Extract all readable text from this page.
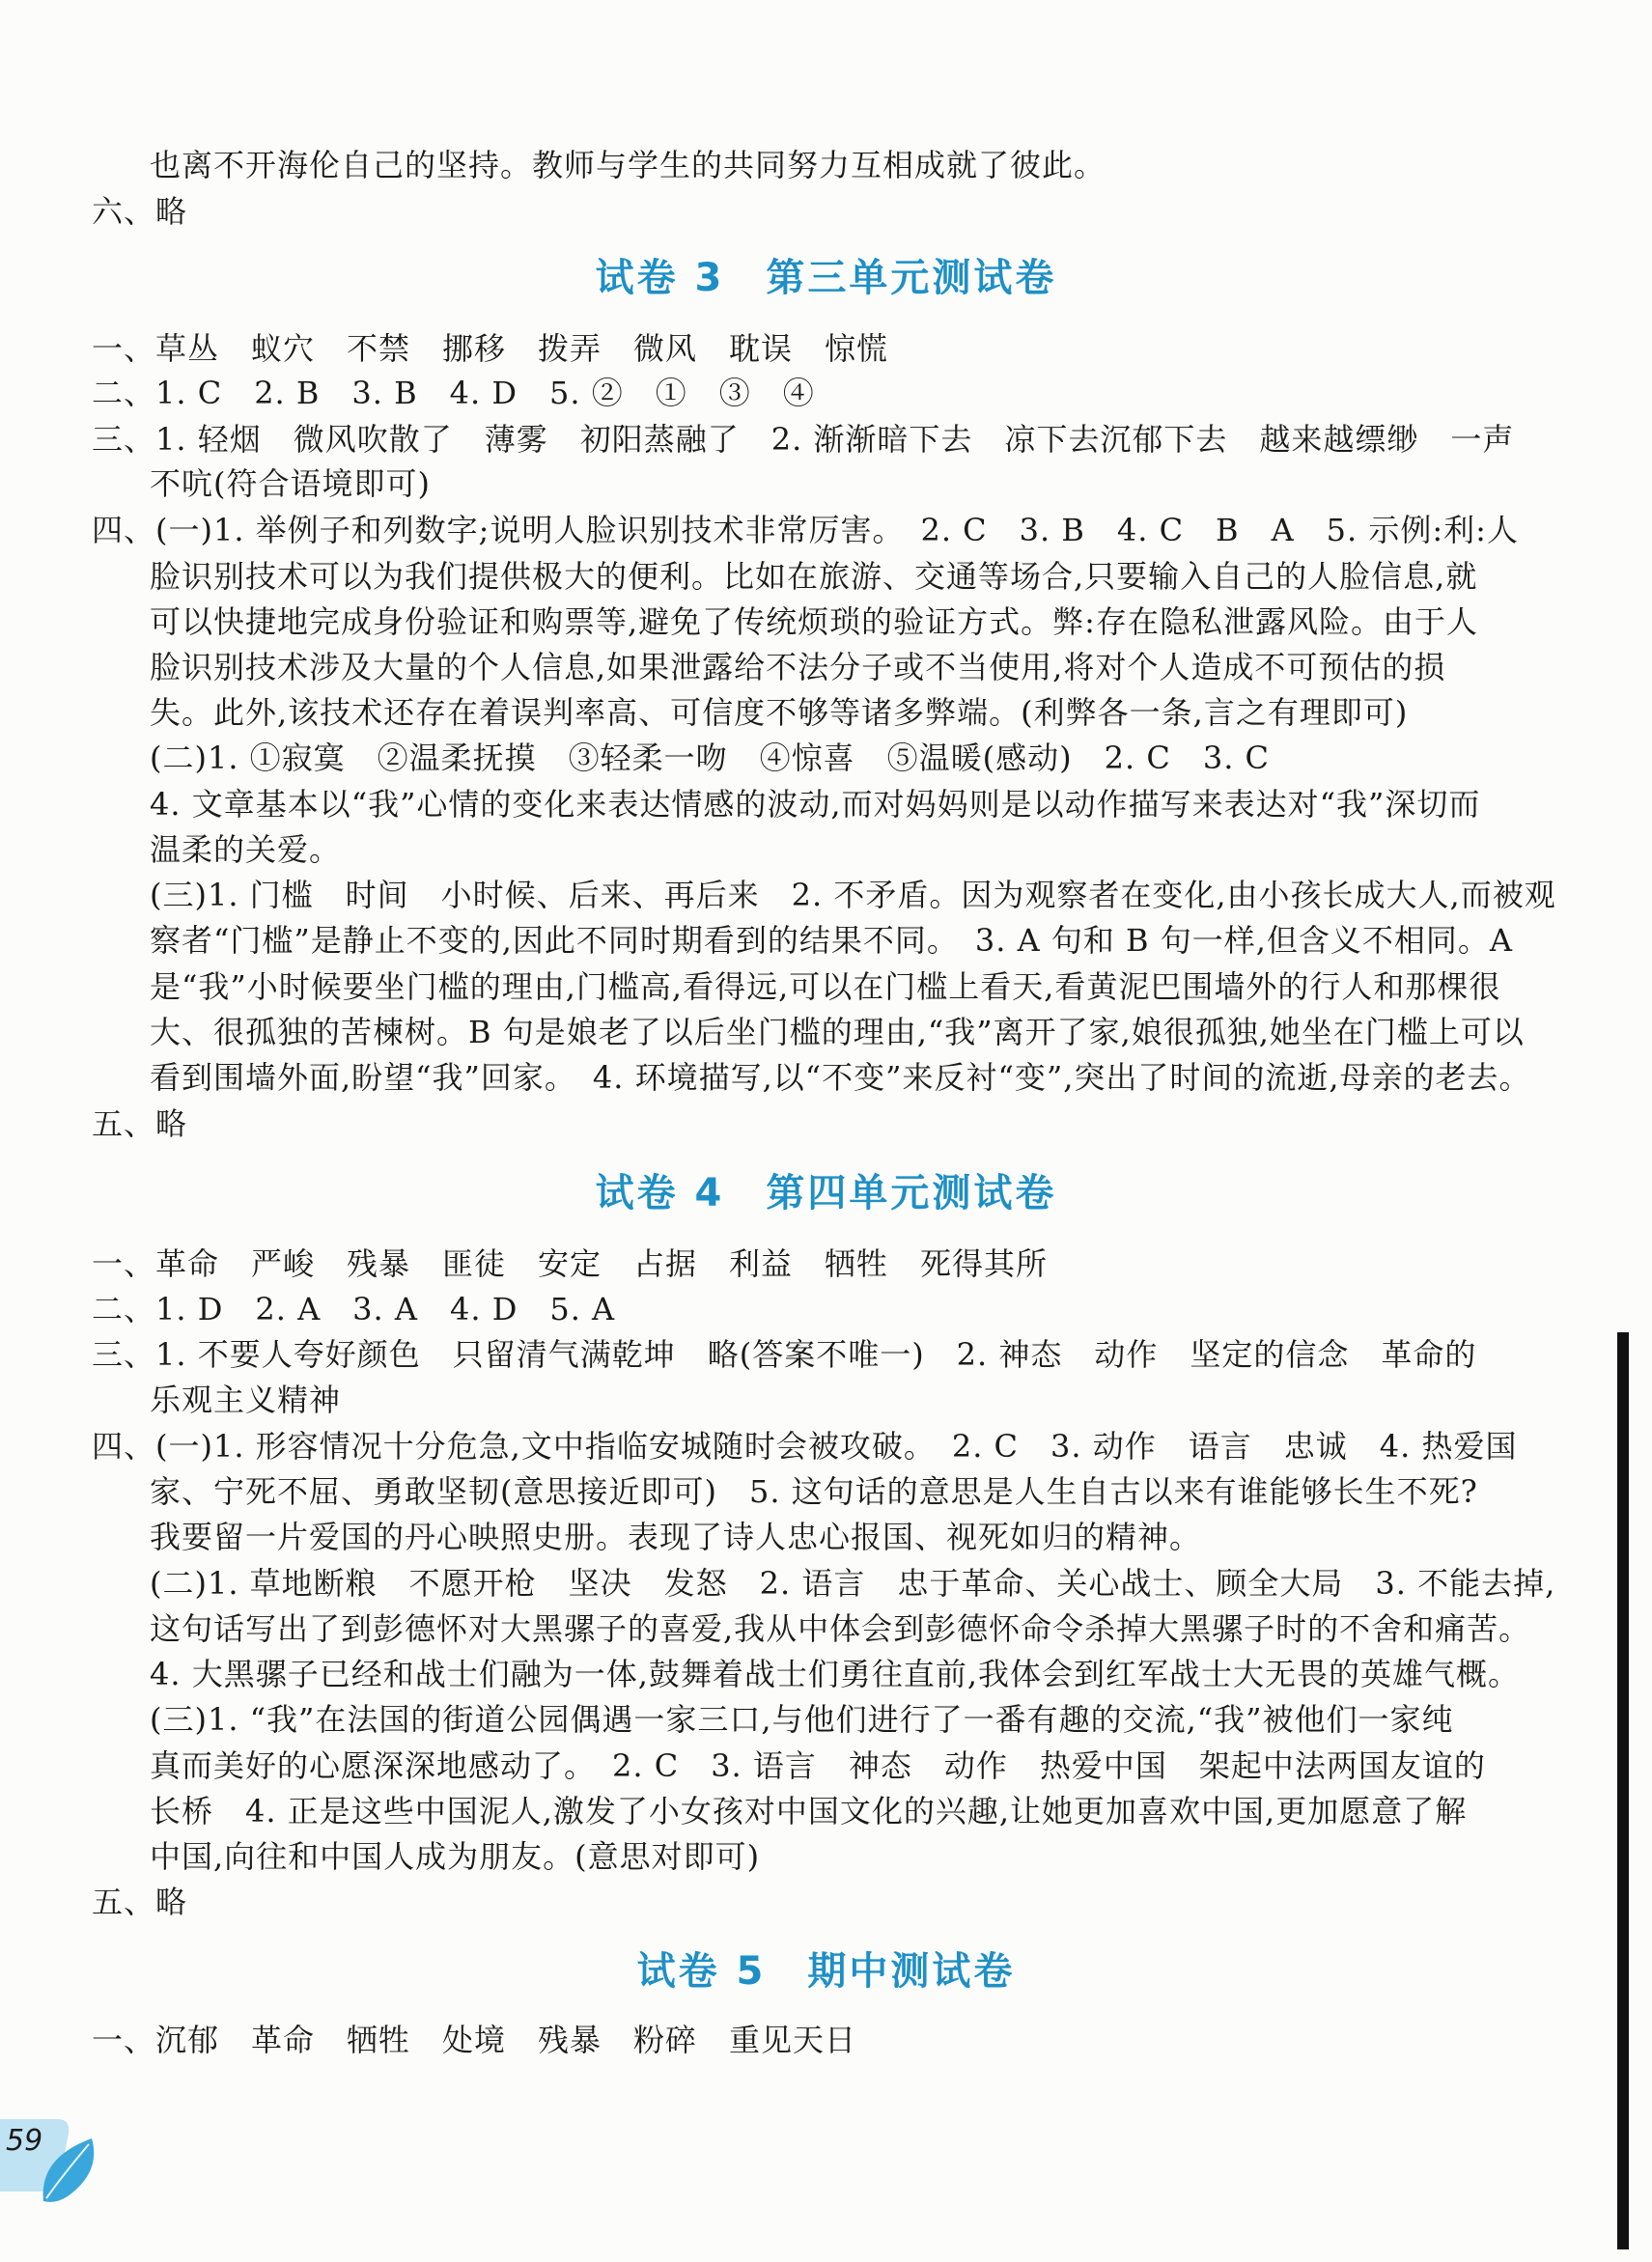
也离不开海伦自己的坚持。教师与学生的共同努力互相成就了彼此。
六、略
试卷 3　第三单元测试卷
一、草丛　蚁穴　不禁　挪移　拨弄　微风　耽误　惊慌
二、1. C　2. B　3. B　4. D　5. ②　①　③　④
三、1. 轻烟　微风吹散了　薄雾　初阳蒸融了　2. 渐渐暗下去　凉下去沉郁下去　越来越缥缈　一声
不吭(符合语境即可)
四、(一)1. 举例子和列数字;说明人脸识别技术非常厉害。　2. C　3. B　4. C　B　A　5. 示例:利:人
脸识别技术可以为我们提供极大的便利。比如在旅游、交通等场合,只要输入自己的人脸信息,就
可以快捷地完成身份验证和购票等,避免了传统烦琐的验证方式。弊:存在隐私泄露风险。由于人
脸识别技术涉及大量的个人信息,如果泄露给不法分子或不当使用,将对个人造成不可预估的损
失。此外,该技术还存在着误判率高、可信度不够等诸多弊端。(利弊各一条,言之有理即可)
(二)1. ①寂寞　②温柔抚摸　③轻柔一吻　④惊喜　⑤温暖(感动)　2. C　3. C
4. 文章基本以“我”心情的变化来表达情感的波动,而对妈妈则是以动作描写来表达对“我”深切而
温柔的关爱。
(三)1. 门槛　时间　小时候、后来、再后来　2. 不矛盾。因为观察者在变化,由小孩长成大人,而被观
察者“门槛”是静止不变的,因此不同时期看到的结果不同。　3. A 句和 B 句一样,但含义不相同。A
是“我”小时候要坐门槛的理由,门槛高,看得远,可以在门槛上看天,看黄泥巴围墙外的行人和那棵很
大、很孤独的苦楝树。B 句是娘老了以后坐门槛的理由,“我”离开了家,娘很孤独,她坐在门槛上可以
看到围墙外面,盼望“我”回家。　4. 环境描写,以“不变”来反衬“变”,突出了时间的流逝,母亲的老去。
五、略
试卷 4　第四单元测试卷
一、革命　严峻　残暴　匪徒　安定　占据　利益　牺牲　死得其所
二、1. D　2. A　3. A　4. D　5. A
三、1. 不要人夸好颜色　只留清气满乾坤　略(答案不唯一)　2. 神态　动作　坚定的信念　革命的
乐观主义精神
四、(一)1. 形容情况十分危急,文中指临安城随时会被攻破。　2. C　3. 动作　语言　忠诚　4. 热爱国
家、宁死不屈、勇敢坚韧(意思接近即可)　5. 这句话的意思是人生自古以来有谁能够长生不死?
我要留一片爱国的丹心映照史册。表现了诗人忠心报国、视死如归的精神。
(二)1. 草地断粮　不愿开枪　坚决　发怒　2. 语言　忠于革命、关心战士、顾全大局　3. 不能去掉,
这句话写出了到彭德怀对大黑骡子的喜爱,我从中体会到彭德怀命令杀掉大黑骡子时的不舍和痛苦。
4. 大黑骡子已经和战士们融为一体,鼓舞着战士们勇往直前,我体会到红军战士大无畏的英雄气概。
(三)1. “我”在法国的街道公园偶遇一家三口,与他们进行了一番有趣的交流,“我”被他们一家纯
真而美好的心愿深深地感动了。　2. C　3. 语言　神态　动作　热爱中国　架起中法两国友谊的
长桥　4. 正是这些中国泥人,激发了小女孩对中国文化的兴趣,让她更加喜欢中国,更加愿意了解
中国,向往和中国人成为朋友。(意思对即可)
五、略
试卷 5　期中测试卷
一、沉郁　革命　牺牲　处境　残暴　粉碎　重见天日
59
